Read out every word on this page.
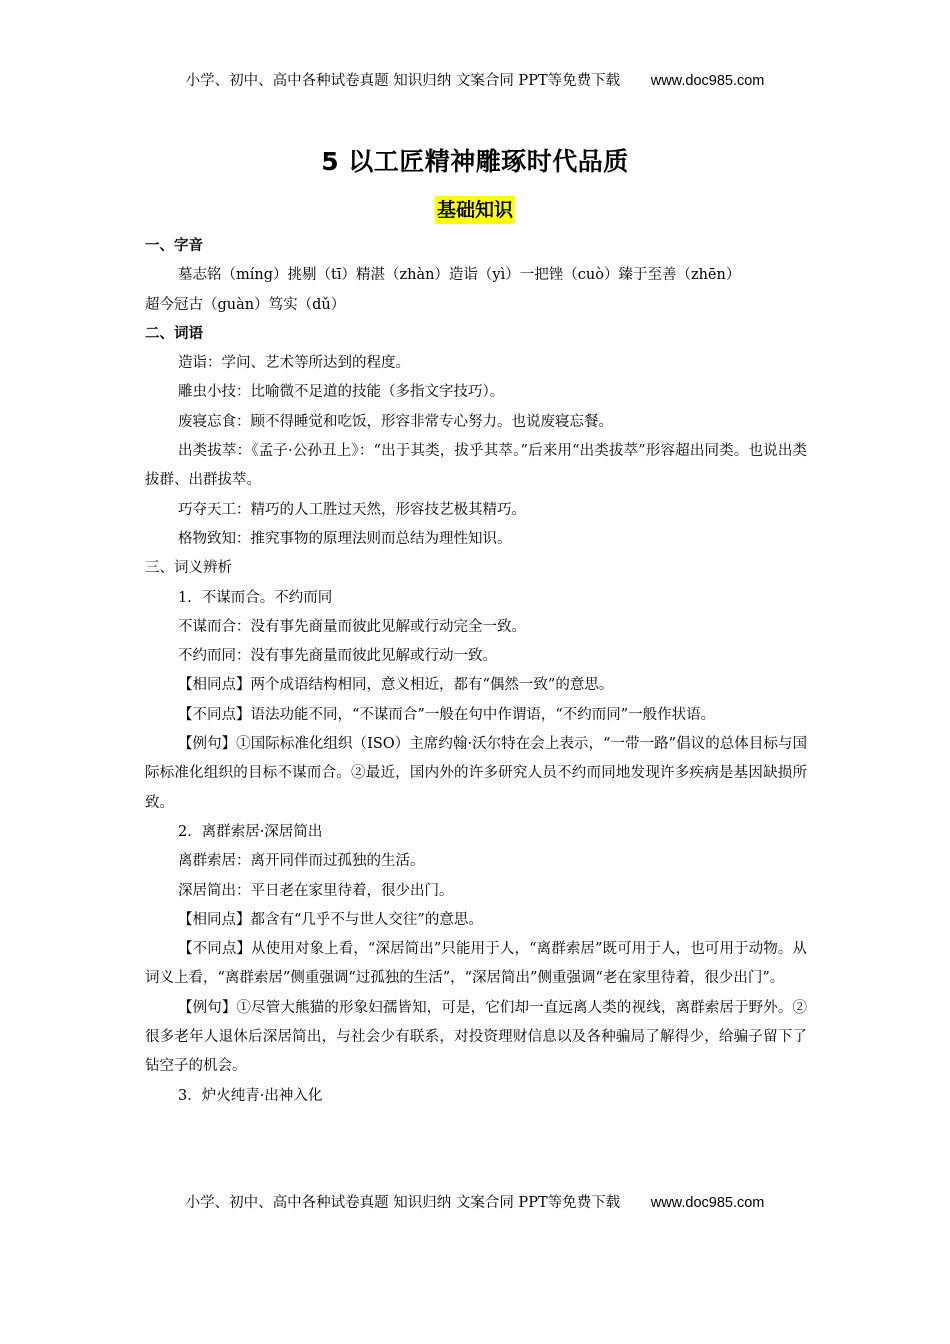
小学、初中、高中各种试卷真题 知识归纳 文案合同 PPT等免费下载 www.doc985.com
5 以工匠精神雕琢时代品质
基础知识

一、字音

墓志铭（míng）挑剔（tī）精湛（zhàn）造诣（yì）一把锉（cuò）臻于至善（zhēn）

超今冠古（guàn）笃实（dǔ）

二、词语

造诣：学问、艺术等所达到的程度。

雕虫小技：比喻微不足道的技能（多指文字技巧）。

废寝忘食：顾不得睡觉和吃饭，形容非常专心努力。也说废寝忘餐。

出类拔萃：《孟子·公孙丑上》：“出于其类，拔乎其萃。”后来用“出类拔萃”形容超出同类。也说出类拔群、出群拔萃。

巧夺天工：精巧的人工胜过天然，形容技艺极其精巧。

格物致知：推究事物的原理法则而总结为理性知识。

三、词义辨析

1．不谋而合。不约而同

不谋而合：没有事先商量而彼此见解或行动完全一致。

不约而同：没有事先商量而彼此见解或行动一致。

【相同点】两个成语结构相同，意义相近，都有“偶然一致”的意思。

【不同点】语法功能不同，“不谋而合”一般在句中作谓语，“不约而同”一般作状语。

【例句】①国际标准化组织（ISO）主席约翰·沃尔特在会上表示，“一带一路”倡议的总体目标与国际标准化组织的目标不谋而合。②最近，国内外的许多研究人员不约而同地发现许多疾病是基因缺损所致。

2．离群索居·深居简出

离群索居：离开同伴而过孤独的生活。

深居简出：平日老在家里待着，很少出门。

【相同点】都含有“几乎不与世人交往”的意思。

【不同点】从使用对象上看，“深居简出”只能用于人，“离群索居”既可用于人，也可用于动物。从词义上看，“离群索居”侧重强调“过孤独的生活”，“深居简出”侧重强调“老在家里待着，很少出门”。

【例句】①尽管大熊猫的形象妇孺皆知，可是，它们却一直远离人类的视线，离群索居于野外。②很多老年人退休后深居简出，与社会少有联系，对投资理财信息以及各种骗局了解得少，给骗子留下了钻空子的机会。

3．炉火纯青·出神入化

小学、初中、高中各种试卷真题 知识归纳 文案合同 PPT等免费下载 www.doc985.com
